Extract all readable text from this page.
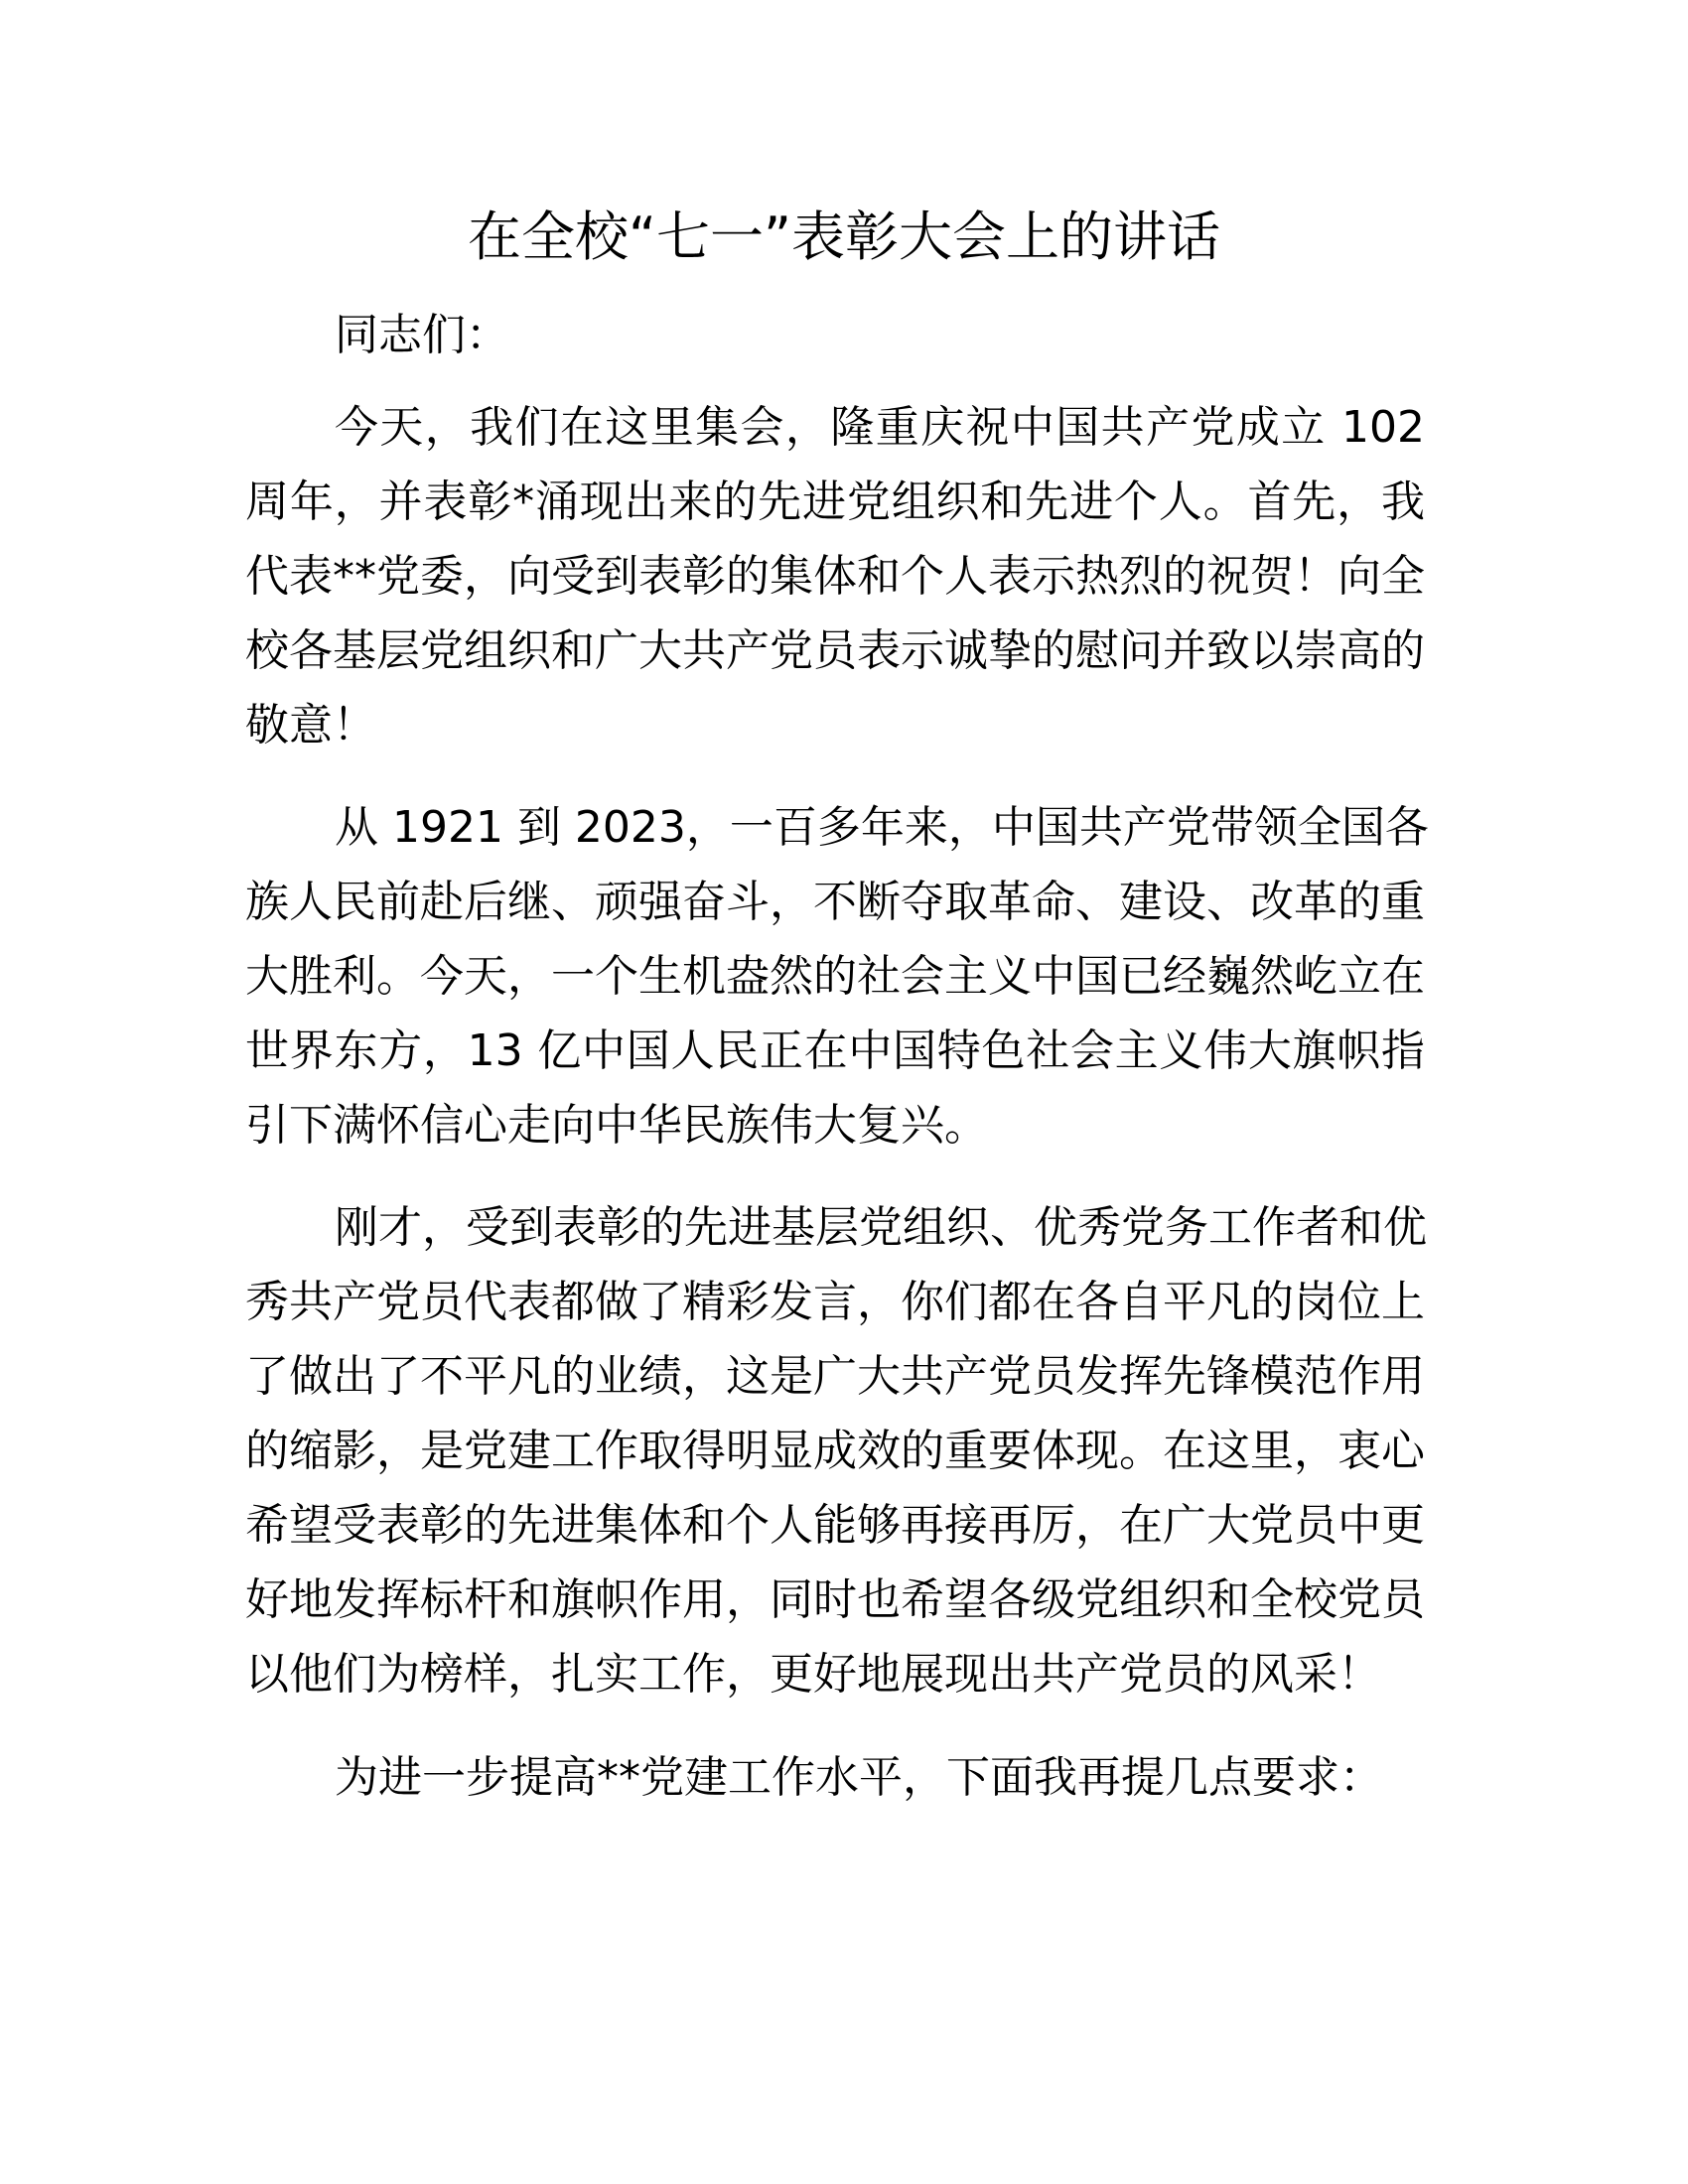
在全校“七一”表彰大会上的讲话
同志们：
今天，我们在这里集会，隆重庆祝中国共产党成立 102
周年，并表彰*涌现出来的先进党组织和先进个人。首先，我
代表**党委，向受到表彰的集体和个人表示热烈的祝贺！向全
校各基层党组织和广大共产党员表示诚挚的慰问并致以崇高的
敬意！
从 1921 到 2023，一百多年来，中国共产党带领全国各
族人民前赴后继、顽强奋斗，不断夺取革命、建设、改革的重
大胜利。今天，一个生机盎然的社会主义中国已经巍然屹立在
世界东方，13 亿中国人民正在中国特色社会主义伟大旗帜指
引下满怀信心走向中华民族伟大复兴。
刚才，受到表彰的先进基层党组织、优秀党务工作者和优
秀共产党员代表都做了精彩发言，你们都在各自平凡的岗位上
了做出了不平凡的业绩，这是广大共产党员发挥先锋模范作用
的缩影，是党建工作取得明显成效的重要体现。在这里，衷心
希望受表彰的先进集体和个人能够再接再厉，在广大党员中更
好地发挥标杆和旗帜作用，同时也希望各级党组织和全校党员
以他们为榜样，扎实工作，更好地展现出共产党员的风采！
为进一步提高**党建工作水平，下面我再提几点要求：
